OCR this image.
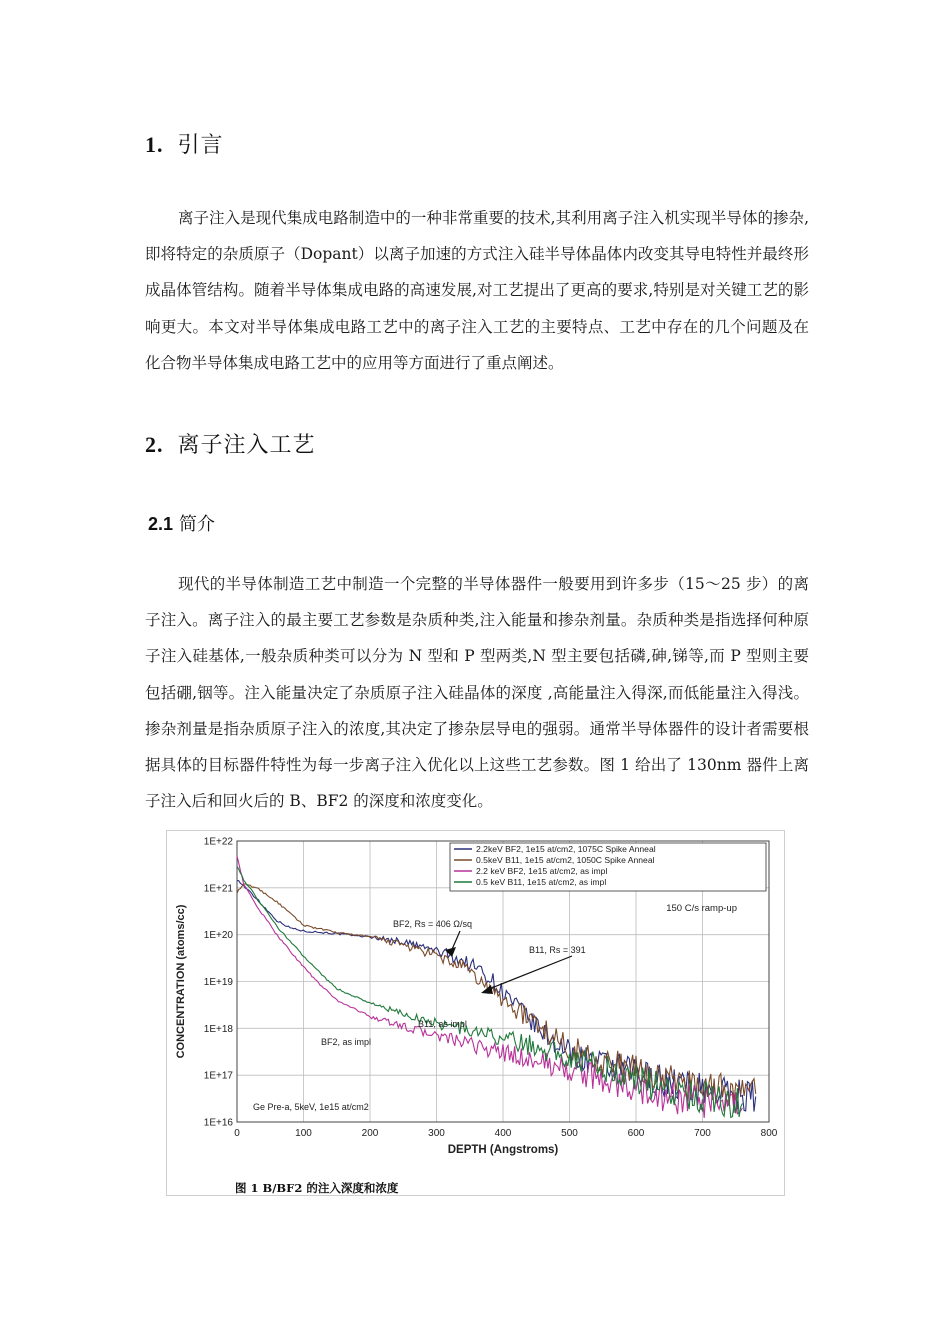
1. 引言

离子注入是现代集成电路制造中的一种非常重要的技术,其利用离子注入机实现半导体的掺杂,即将特定的杂质原子（Dopant）以离子加速的方式注入硅半导体晶体内改变其导电特性并最终形成晶体管结构。随着半导体集成电路的高速发展,对工艺提出了更高的要求,特别是对关键工艺的影响更大。本文对半导体集成电路工艺中的离子注入工艺的主要特点、工艺中存在的几个问题及在化合物半导体集成电路工艺中的应用等方面进行了重点阐述。

2. 离子注入工艺
2.1 简介

现代的半导体制造工艺中制造一个完整的半导体器件一般要用到许多步（15～25 步）的离子注入。离子注入的最主要工艺参数是杂质种类,注入能量和掺杂剂量。杂质种类是指选择何种原子注入硅基体,一般杂质种类可以分为 N 型和 P 型两类,N 型主要包括磷,砷,锑等,而 P 型则主要包括硼,铟等。注入能量决定了杂质原子注入硅晶体的深度 ,高能量注入得深,而低能量注入得浅。掺杂剂量是指杂质原子注入的浓度,其决定了掺杂层导电的强弱。通常半导体器件的设计者需要根据具体的目标器件特性为每一步离子注入优化以上这些工艺参数。图 1 给出了 130nm 器件上离子注入后和回火后的 B、BF2 的深度和浓度变化。

1E+22
1E+21
1E+20
1E+19
1E+18
1E+17
1E+16
0	100	200	300	400	500	600	700	800
DEPTH (Angstroms)
CONCENTRATION (atoms/cc)
2.2keV BF2, 1e15 at/cm2, 1075C Spike Anneal
0.5keV B11, 1e15 at/cm2, 1050C Spike Anneal
2.2 keV BF2, 1e15 at/cm2, as impl
0.5 keV B11, 1e15 at/cm2, as impl
150 C/s ramp-up
BF2, Rs = 406 Ω/sq
B11, Rs = 391
B11, as impl
BF2, as impl
Ge Pre-a, 5keV, 1e15 at/cm2
图 1 B/BF2 的注入深度和浓度
